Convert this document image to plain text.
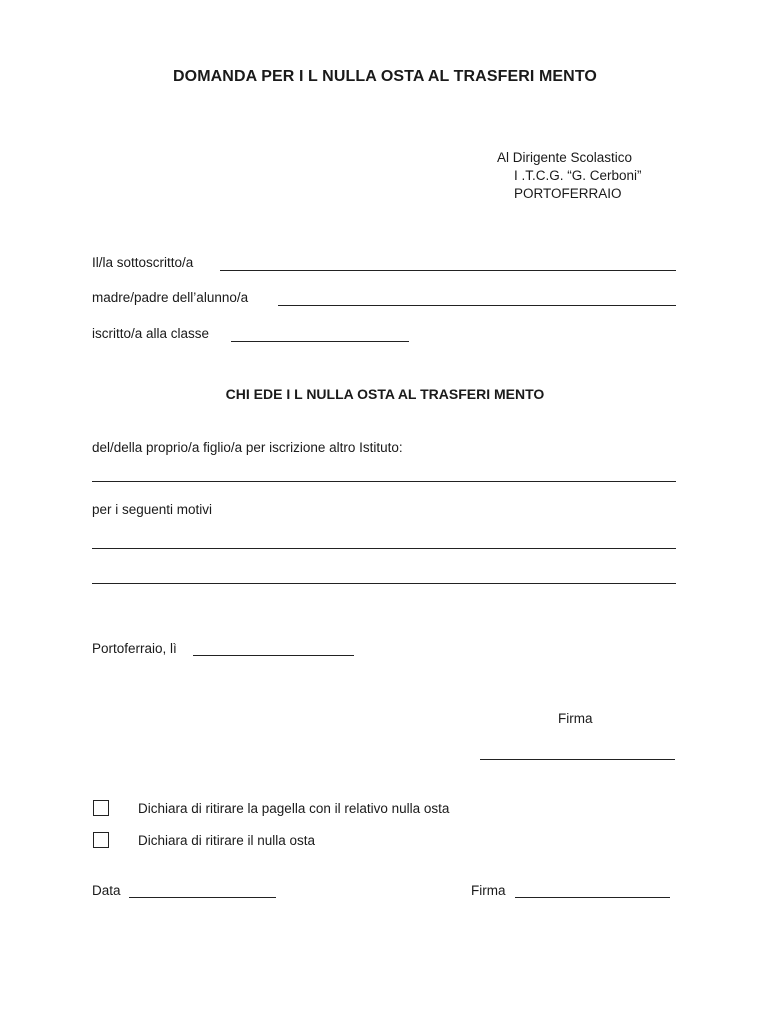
DOMANDA PER I L NULLA OSTA AL TRASFERI MENTO
Al Dirigente Scolastico
I .T.C.G. “G. Cerboni”
PORTOFERRAIO
Il/la sottoscritto/a
madre/padre dell’alunno/a
iscritto/a alla classe
CHI EDE I L NULLA OSTA AL TRASFERI MENTO
del/della proprio/a figlio/a per iscrizione altro Istituto:
per i seguenti motivi
Portoferraio, lì
Firma
Dichiara di ritirare la pagella con il relativo nulla osta
Dichiara di ritirare il nulla osta
Data	Firma
